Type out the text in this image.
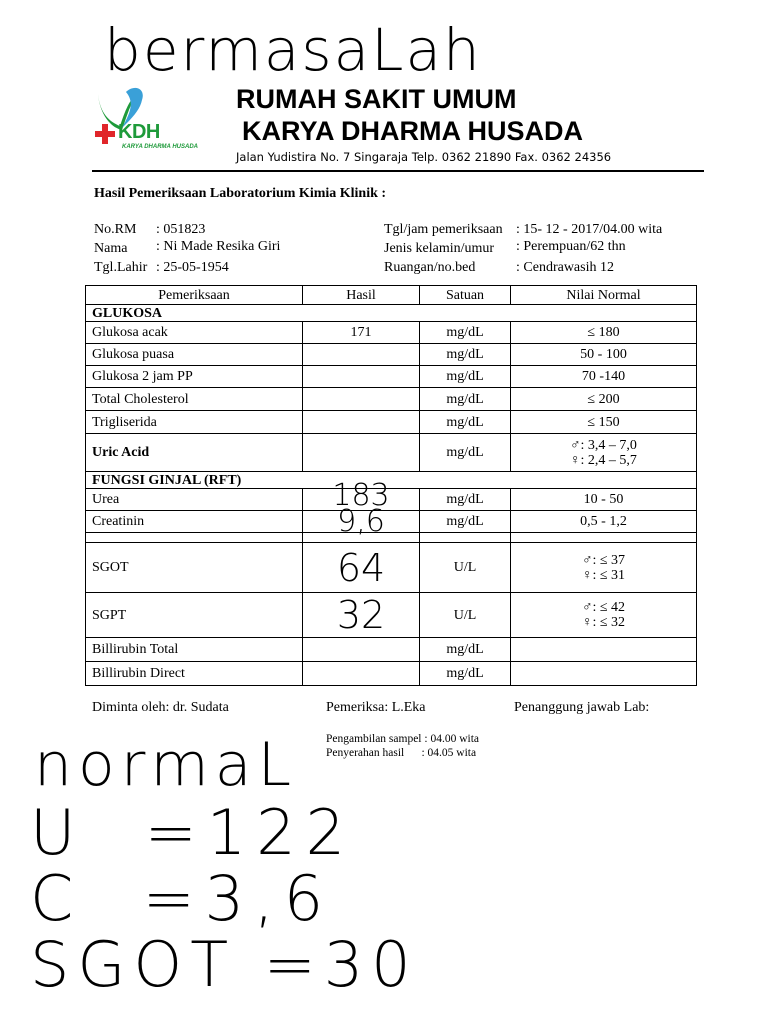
bermasaLah
KDH
KARYA DHARMA HUSADA
RUMAH SAKIT UMUM
KARYA DHARMA HUSADA
Jalan Yudistira No. 7 Singaraja Telp. 0362 21890 Fax. 0362 24356
Hasil Pemeriksaan Laboratorium Kimia Klinik :
No.RM : 051823
Nama : Ni Made Resika Giri
Tgl.Lahir : 25-05-1954
Tgl/jam pemeriksaan : 15- 12 - 2017/04.00 wita
Jenis kelamin/umur : Perempuan/62 thn
Ruangan/no.bed	: Cendrawasih 12
Pemeriksaan	Hasil	Satuan	Nilai Normal
GLUKOSA			
Glukosa acak	171	mg/dL	≤ 180
Glukosa puasa		mg/dL	50 - 100
Glukosa 2 jam PP		mg/dL	70 -140
Total Cholesterol		mg/dL	≤ 200
Trigliserida		mg/dL	≤ 150
Uric Acid		mg/dL	♂: 3,4 – 7,0
♀: 2,4 – 5,7

FUNGSI GINJAL (RFT)			
Urea	183	mg/dL	10 - 50
Creatinin	9,6	mg/dL	0,5 - 1,2

SGOT	64	U/L	♂: ≤ 37
♀: ≤ 31

SGPT	32	U/L	♂: ≤ 42
♀: ≤ 32

Billirubin Total		mg/dL	
Billirubin Direct		mg/dL	
Diminta oleh: dr. Sudata	Pemeriksa: L.Eka	Penanggung jawab Lab:
Pengambilan sampel : 04.00 wita
Penyerahan hasil      : 04.05 wita
normaL
U  =122
C  =3,6
SGOT =30
